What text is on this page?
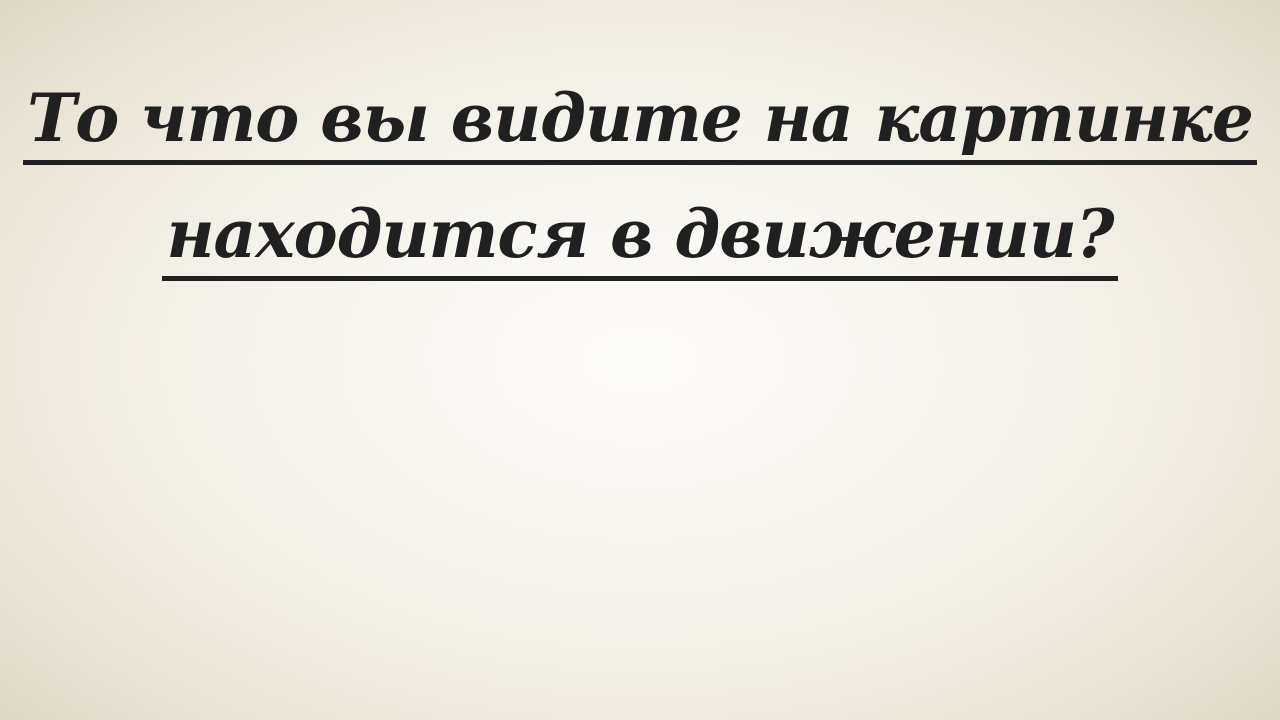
То что вы видите на картинке
находится в движении?
